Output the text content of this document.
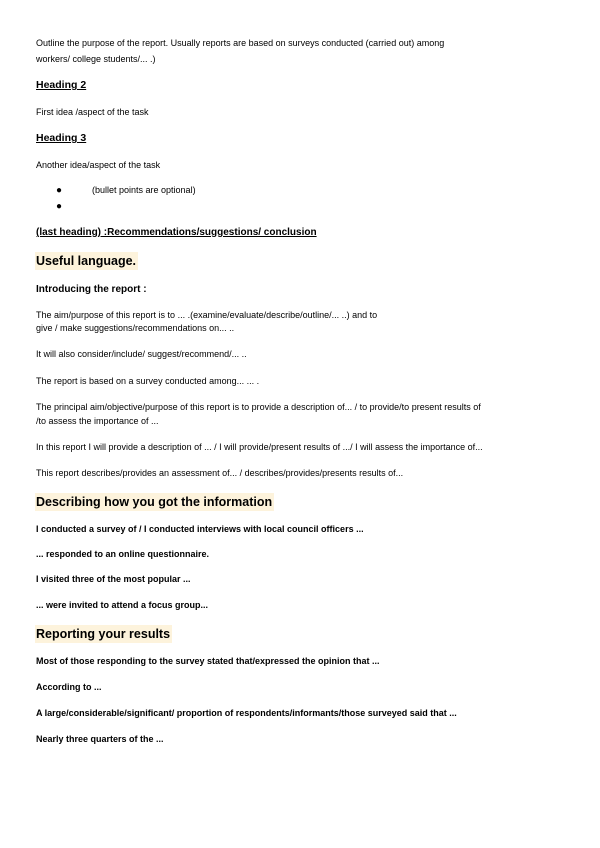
Outline the purpose of the report. Usually reports are based on surveys conducted (carried out) among

workers/ college students/... .)

Heading 2

First idea /aspect of the task

Heading 3

Another idea/aspect of the task

●	(bullet points are optional)

●

(last heading) :Recommendations/suggestions/ conclusion

Useful language.

Introducing the report :

The aim/purpose of this report is to ... .(examine/evaluate/describe/outline/... ..) and to

give / make suggestions/recommendations on... ..

It will also consider/include/ suggest/recommend/... ..

The report is based on a survey conducted among... ... .

The principal aim/objective/purpose of this report is to provide a description of... / to provide/to present results of

/to assess the importance of ...

In this report I will provide a description of ... / I will provide/present results of .../ I will assess the importance of...

This report describes/provides an assessment of... / describes/provides/presents results of...

Describing how you got the information

I conducted a survey of / I conducted interviews with local council officers ...

... responded to an online questionnaire.

I visited three of the most popular ...

... were invited to attend a focus group...

Reporting your results

Most of those responding to the survey stated that/expressed the opinion that ...

According to ...

A large/considerable/significant/ proportion of respondents/informants/those surveyed said that ...

Nearly three quarters of the ...
